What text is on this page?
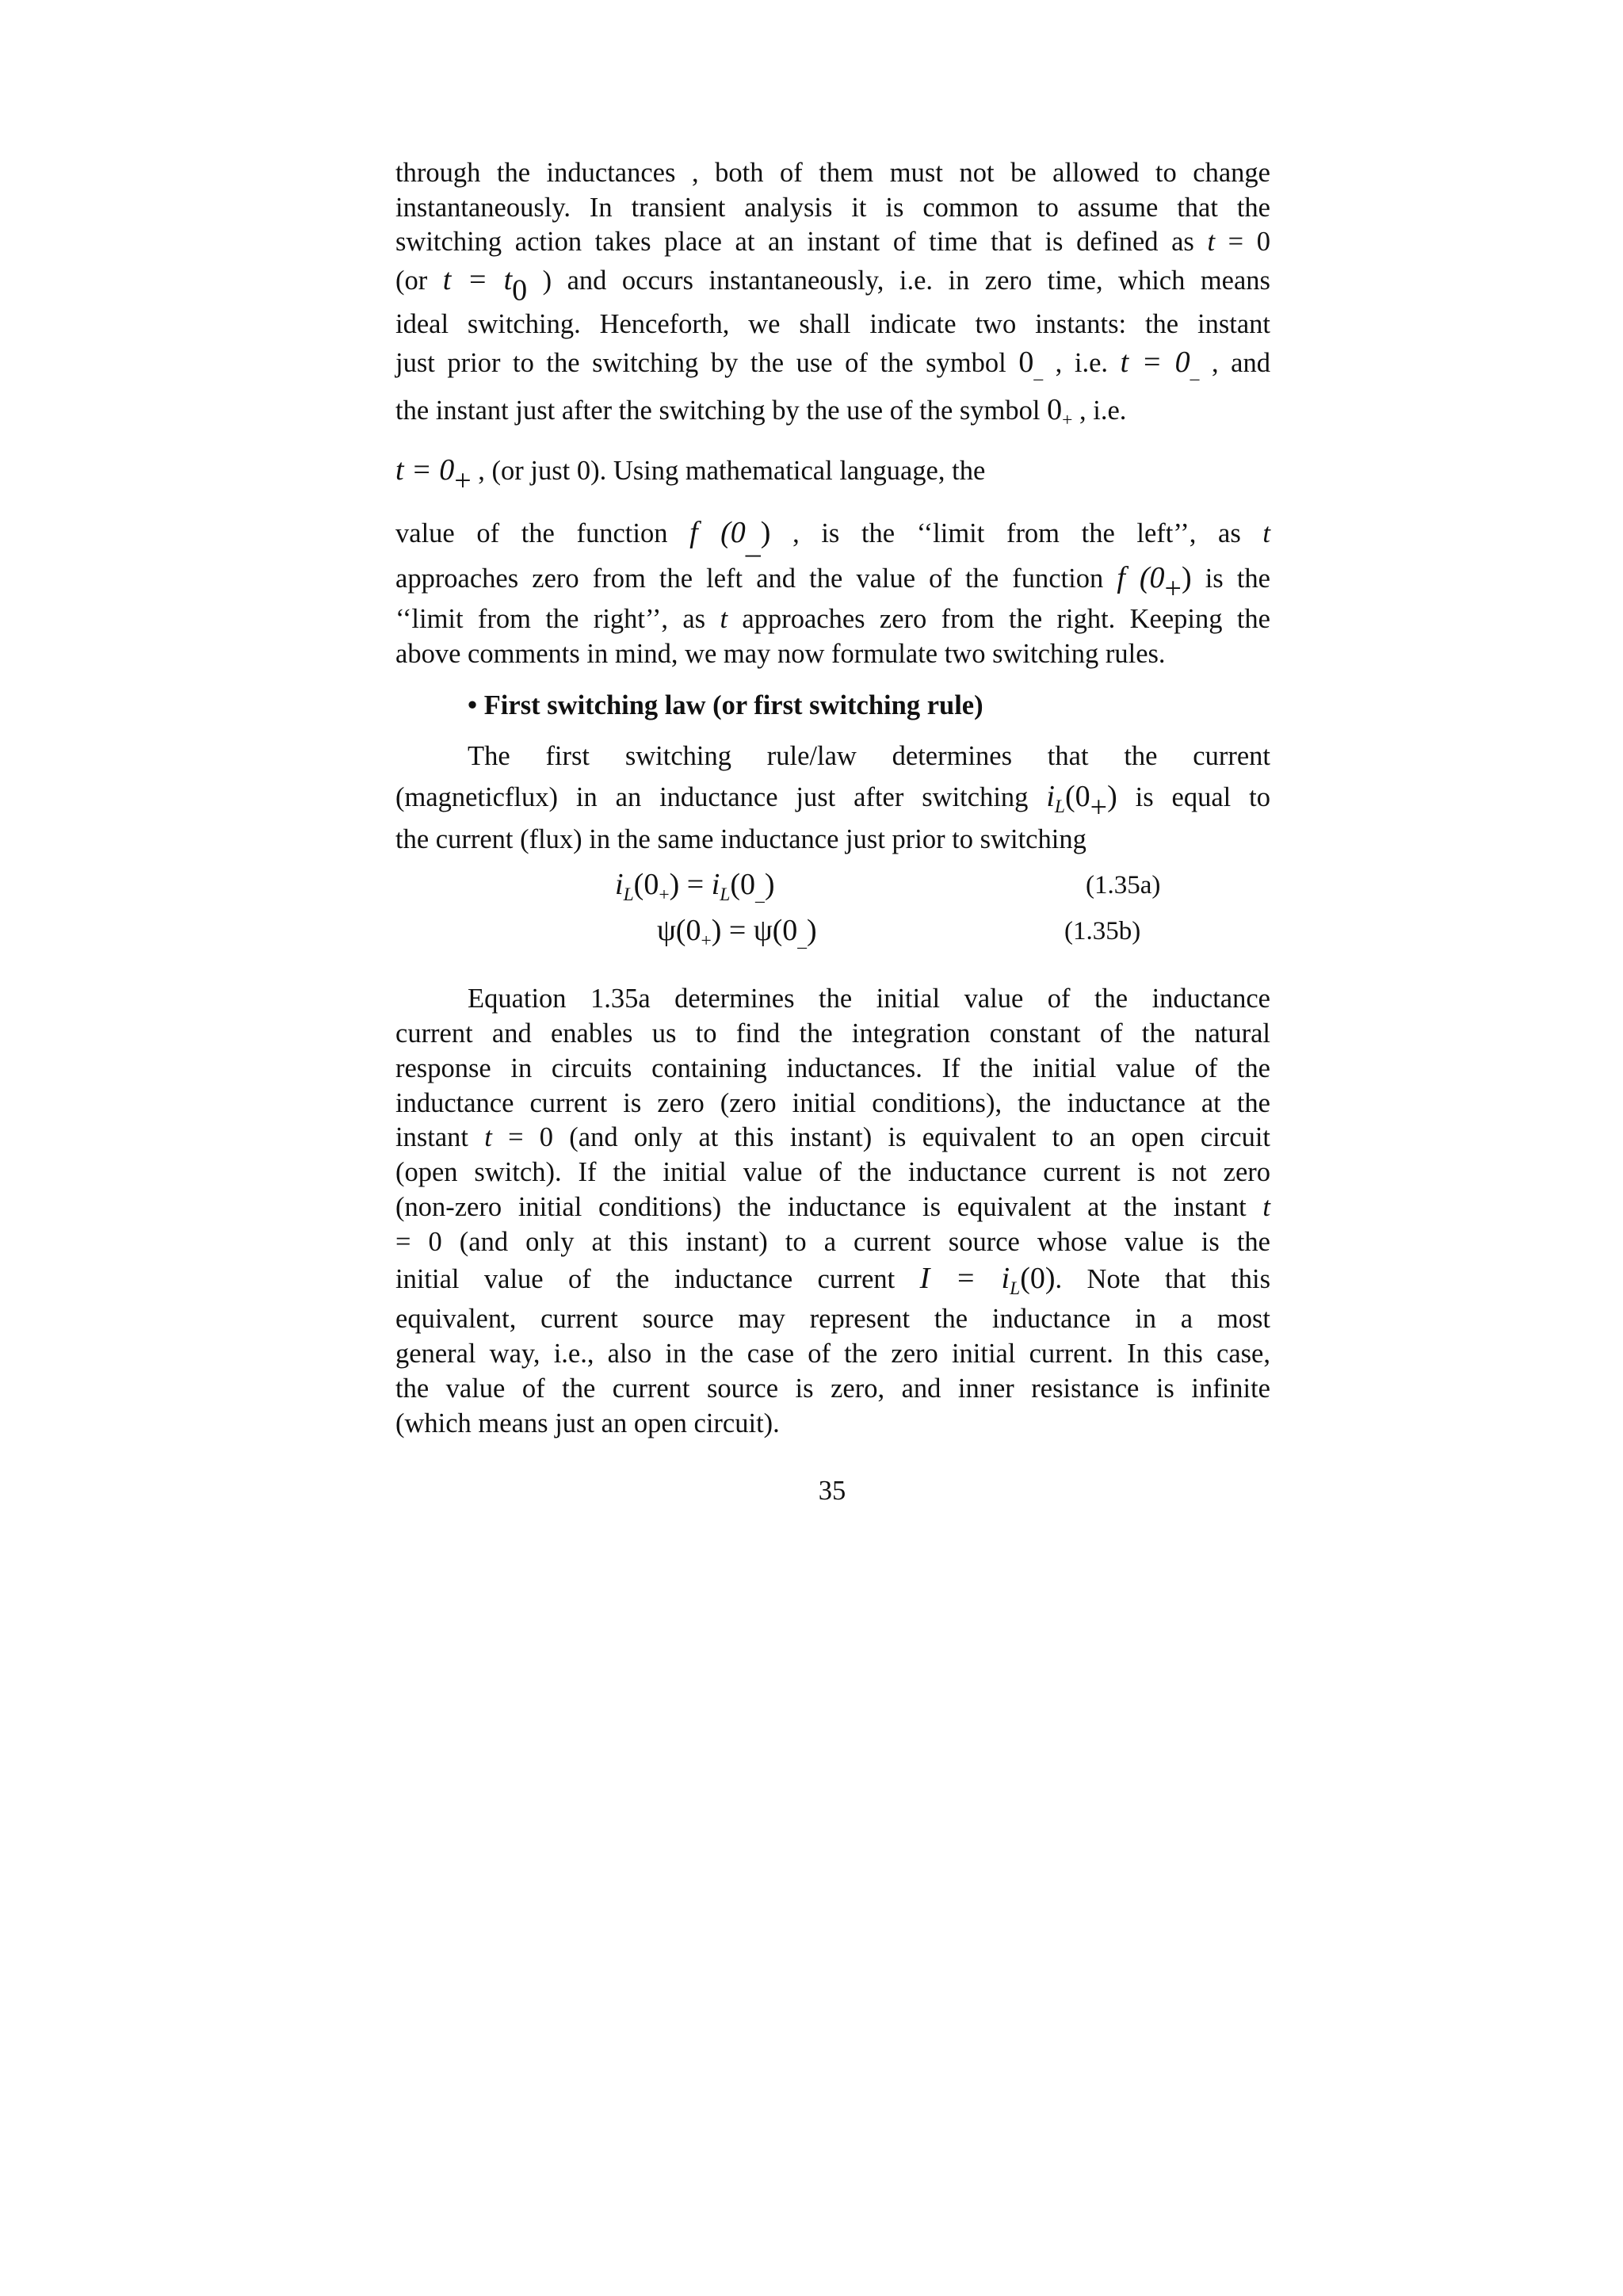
through the inductances , both of them must not be allowed to change
instantaneously. In transient analysis it is common to assume that the
switching action takes place at an instant of time that is defined as t = 0
(or $t = t_0$ ) and occurs instantaneously, i.e. in zero time, which means
ideal switching. Henceforth, we shall indicate two instants: the instant
just prior to the switching by the use of the symbol $0_{\_}$ , i.e. $t = 0_{\_}$ , and
the instant just after the switching by the use of the symbol $0_+$ , i.e.
$t = 0_+$ , (or just 0). Using mathematical language, the
value of the function f $(0_{\_})$ , is the ‘‘limit from the left’’, as t
approaches zero from the left and the value of the function f $(0_+)$ is the
‘‘limit from the right’’, as t approaches zero from the right. Keeping the
above comments in mind, we may now formulate two switching rules.
• First switching law (or first switching rule)
The first switching rule/law determines that the current
(magneticflux) in an inductance just after switching $i_L(0_+)$ is equal to
the current (flux) in the same inductance just prior to switching
$i_L(0_+) = i_L(0_{\_})$	(1.35a)
$\psi(0_+) = \psi(0_{\_})$	(1.35b)
Equation 1.35a determines the initial value of the inductance
current and enables us to find the integration constant of the natural
response in circuits containing inductances. If the initial value of the
inductance current is zero (zero initial conditions), the inductance at the
instant t = 0 (and only at this instant) is equivalent to an open circuit
(open switch). If the initial value of the inductance current is not zero
(non-zero initial conditions) the inductance is equivalent at the instant t
= 0 (and only at this instant) to a current source whose value is the
initial value of the inductance current $I = i_L(0)$. Note that this
equivalent, current source may represent the inductance in a most
general way, i.e., also in the case of the zero initial current. In this case,
the value of the current source is zero, and inner resistance is infinite
(which means just an open circuit).
35
